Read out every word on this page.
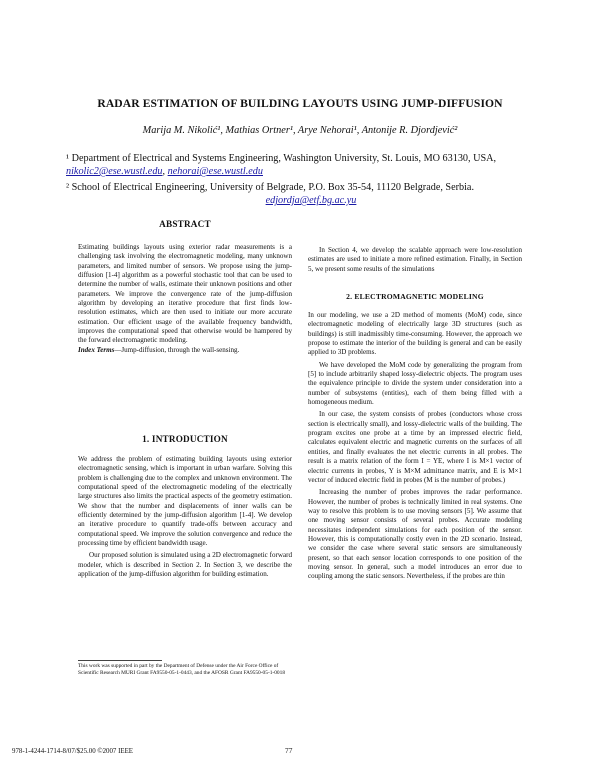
RADAR ESTIMATION OF BUILDING LAYOUTS USING JUMP-DIFFUSION
Marija M. Nikolić¹, Mathias Ortner¹, Arye Nehorai¹, Antonije R. Djordjević²
¹ Department of Electrical and Systems Engineering, Washington University, St. Louis, MO 63130, USA, nikolic2@ese.wustl.edu, nehorai@ese.wustl.edu
² School of Electrical Engineering, University of Belgrade, P.O. Box 35-54, 11120 Belgrade, Serbia.
edjordja@etf.bg.ac.yu
ABSTRACT

Estimating buildings layouts using exterior radar measurements is a challenging task involving the electromagnetic modeling, many unknown parameters, and limited number of sensors. We propose using the jump-diffusion [1-4] algorithm as a powerful stochastic tool that can be used to determine the number of walls, estimate their unknown positions and other parameters. We improve the convergence rate of the jump-diffusion algorithm by developing an iterative procedure that first finds low-resolution estimates, which are then used to initiate our more accurate estimation. Our efficient usage of the available frequency bandwidth, improves the computational speed that otherwise would be hampered by the forward electromagnetic modeling.

Index Terms—Jump-diffusion, through the wall-sensing.

1. INTRODUCTION

We address the problem of estimating building layouts using exterior electromagnetic sensing, which is important in urban warfare. Solving this problem is challenging due to the complex and unknown environment. The computational speed of the electromagnetic modeling of the electrically large structures also limits the practical aspects of the geometry estimation. We show that the number and displacements of inner walls can be efficiently determined by the jump-diffusion algorithm [1-4]. We develop an iterative procedure to quantify trade-offs between accuracy and computational speed. We improve the solution convergence and reduce the processing time by efficient bandwidth usage.

Our proposed solution is simulated using a 2D electromagnetic forward modeler, which is described in Section 2. In Section 3, we describe the application of the jump-diffusion algorithm for building estimation.

This work was supported in part by the Department of Defense under the Air Force Office of Scientific Research MURI Grant FA9550-05-1-0443, and the AFOSR Grant FA9550-05-1-0018

In Section 4, we develop the scalable approach were low-resolution estimates are used to initiate a more refined estimation. Finally, in Section 5, we present some results of the simulations

2. ELECTROMAGNETIC MODELING

In our modeling, we use a 2D method of moments (MoM) code, since electromagnetic modeling of electrically large 3D structures (such as buildings) is still inadmissibly time-consuming. However, the approach we propose to estimate the interior of the building is general and can be easily applied to 3D problems.

We have developed the MoM code by generalizing the program from [5] to include arbitrarily shaped lossy-dielectric objects. The program uses the equivalence principle to divide the system under consideration into a number of subsystems (entities), each of them being filled with a homogeneous medium.

In our case, the system consists of probes (conductors whose cross section is electrically small), and lossy-dielectric walls of the building. The program excites one probe at a time by an impressed electric field, calculates equivalent electric and magnetic currents on the surfaces of all entities, and finally evaluates the net electric currents in all probes. The result is a matrix relation of the form I = YE, where I is M×1 vector of electric currents in probes, Y is M×M admittance matrix, and E is M×1 vector of induced electric field in probes (M is the number of probes.)

Increasing the number of probes improves the radar performance. However, the number of probes is technically limited in real systems. One way to resolve this problem is to use moving sensors [5]. We assume that one moving sensor consists of several probes. Accurate modeling necessitates independent simulations for each position of the sensor. However, this is computationally costly even in the 2D scenario. Instead, we consider the case where several static sensors are simultaneously present, so that each sensor location corresponds to one position of the moving sensor. In general, such a model introduces an error due to coupling among the static sensors. Nevertheless, if the probes are thin

978-1-4244-1714-8/07/$25.00 ©2007 IEEE	77
